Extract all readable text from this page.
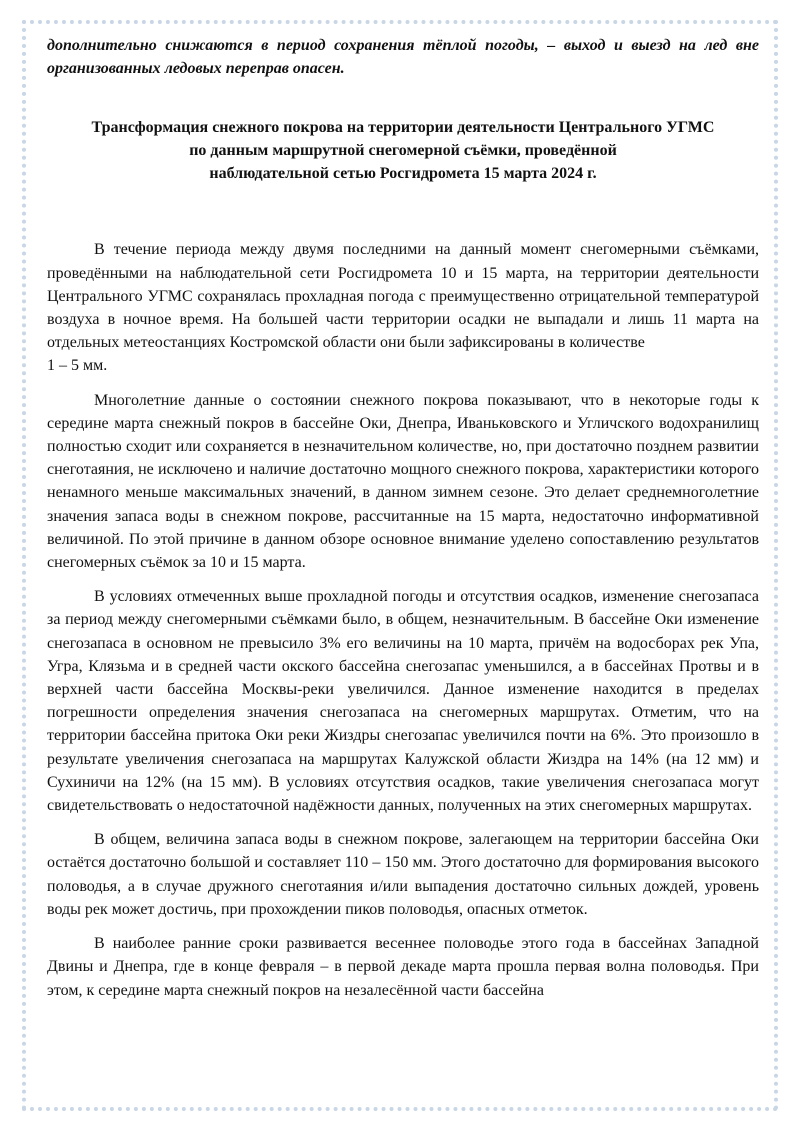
дополнительно снижаются в период сохранения тёплой погоды, – выход и выезд на лед вне организованных ледовых переправ опасен.

Трансформация снежного покрова на территории деятельности Центрального УГМС
по данным маршрутной снегомерной съёмки, проведённой
наблюдательной сетью Росгидромета 15 марта 2024 г.

В течение периода между двумя последними на данный момент снегомерными съёмками, проведёнными на наблюдательной сети Росгидромета 10 и 15 марта, на территории деятельности Центрального УГМС сохранялась прохладная погода с преимущественно отрицательной температурой воздуха в ночное время. На большей части территории осадки не выпадали и лишь 11 марта на отдельных метеостанциях Костромской области они были зафиксированы в количестве
1 – 5 мм.

Многолетние данные о состоянии снежного покрова показывают, что в некоторые годы к середине марта снежный покров в бассейне Оки, Днепра, Иваньковского и Угличского водохранилищ полностью сходит или сохраняется в незначительном количестве, но, при достаточно позднем развитии снеготаяния, не исключено и наличие достаточно мощного снежного покрова, характеристики которого ненамного меньше максимальных значений, в данном зимнем сезоне. Это делает среднемноголетние значения запаса воды в снежном покрове, рассчитанные на 15 марта, недостаточно информативной величиной. По этой причине в данном обзоре основное внимание уделено сопоставлению результатов снегомерных съёмок за 10 и 15 марта.

В условиях отмеченных выше прохладной погоды и отсутствия осадков, изменение снегозапаса за период между снегомерными съёмками было, в общем, незначительным. В бассейне Оки изменение снегозапаса в основном не превысило 3% его величины на 10 марта, причём на водосборах рек Упа, Угра, Клязьма и в средней части окского бассейна снегозапас уменьшился, а в бассейнах Протвы и в верхней части бассейна Москвы-реки увеличился. Данное изменение находится в пределах погрешности определения значения снегозапаса на снегомерных маршрутах. Отметим, что на территории бассейна притока Оки реки Жиздры снегозапас увеличился почти на 6%. Это произошло в результате увеличения снегозапаса на маршрутах Калужской области Жиздра на 14% (на 12 мм) и Сухиничи на 12% (на 15 мм). В условиях отсутствия осадков, такие увеличения снегозапаса могут свидетельствовать о недостаточной надёжности данных, полученных на этих снегомерных маршрутах.

В общем, величина запаса воды в снежном покрове, залегающем на территории бассейна Оки остаётся достаточно большой и составляет 110 – 150 мм. Этого достаточно для формирования высокого половодья, а в случае дружного снеготаяния и/или выпадения достаточно сильных дождей, уровень воды рек может достичь, при прохождении пиков половодья, опасных отметок.

В наиболее ранние сроки развивается весеннее половодье этого года в бассейнах Западной Двины и Днепра, где в конце февраля – в первой декаде марта прошла первая волна половодья. При этом, к середине марта снежный покров на незалесённой части бассейна
